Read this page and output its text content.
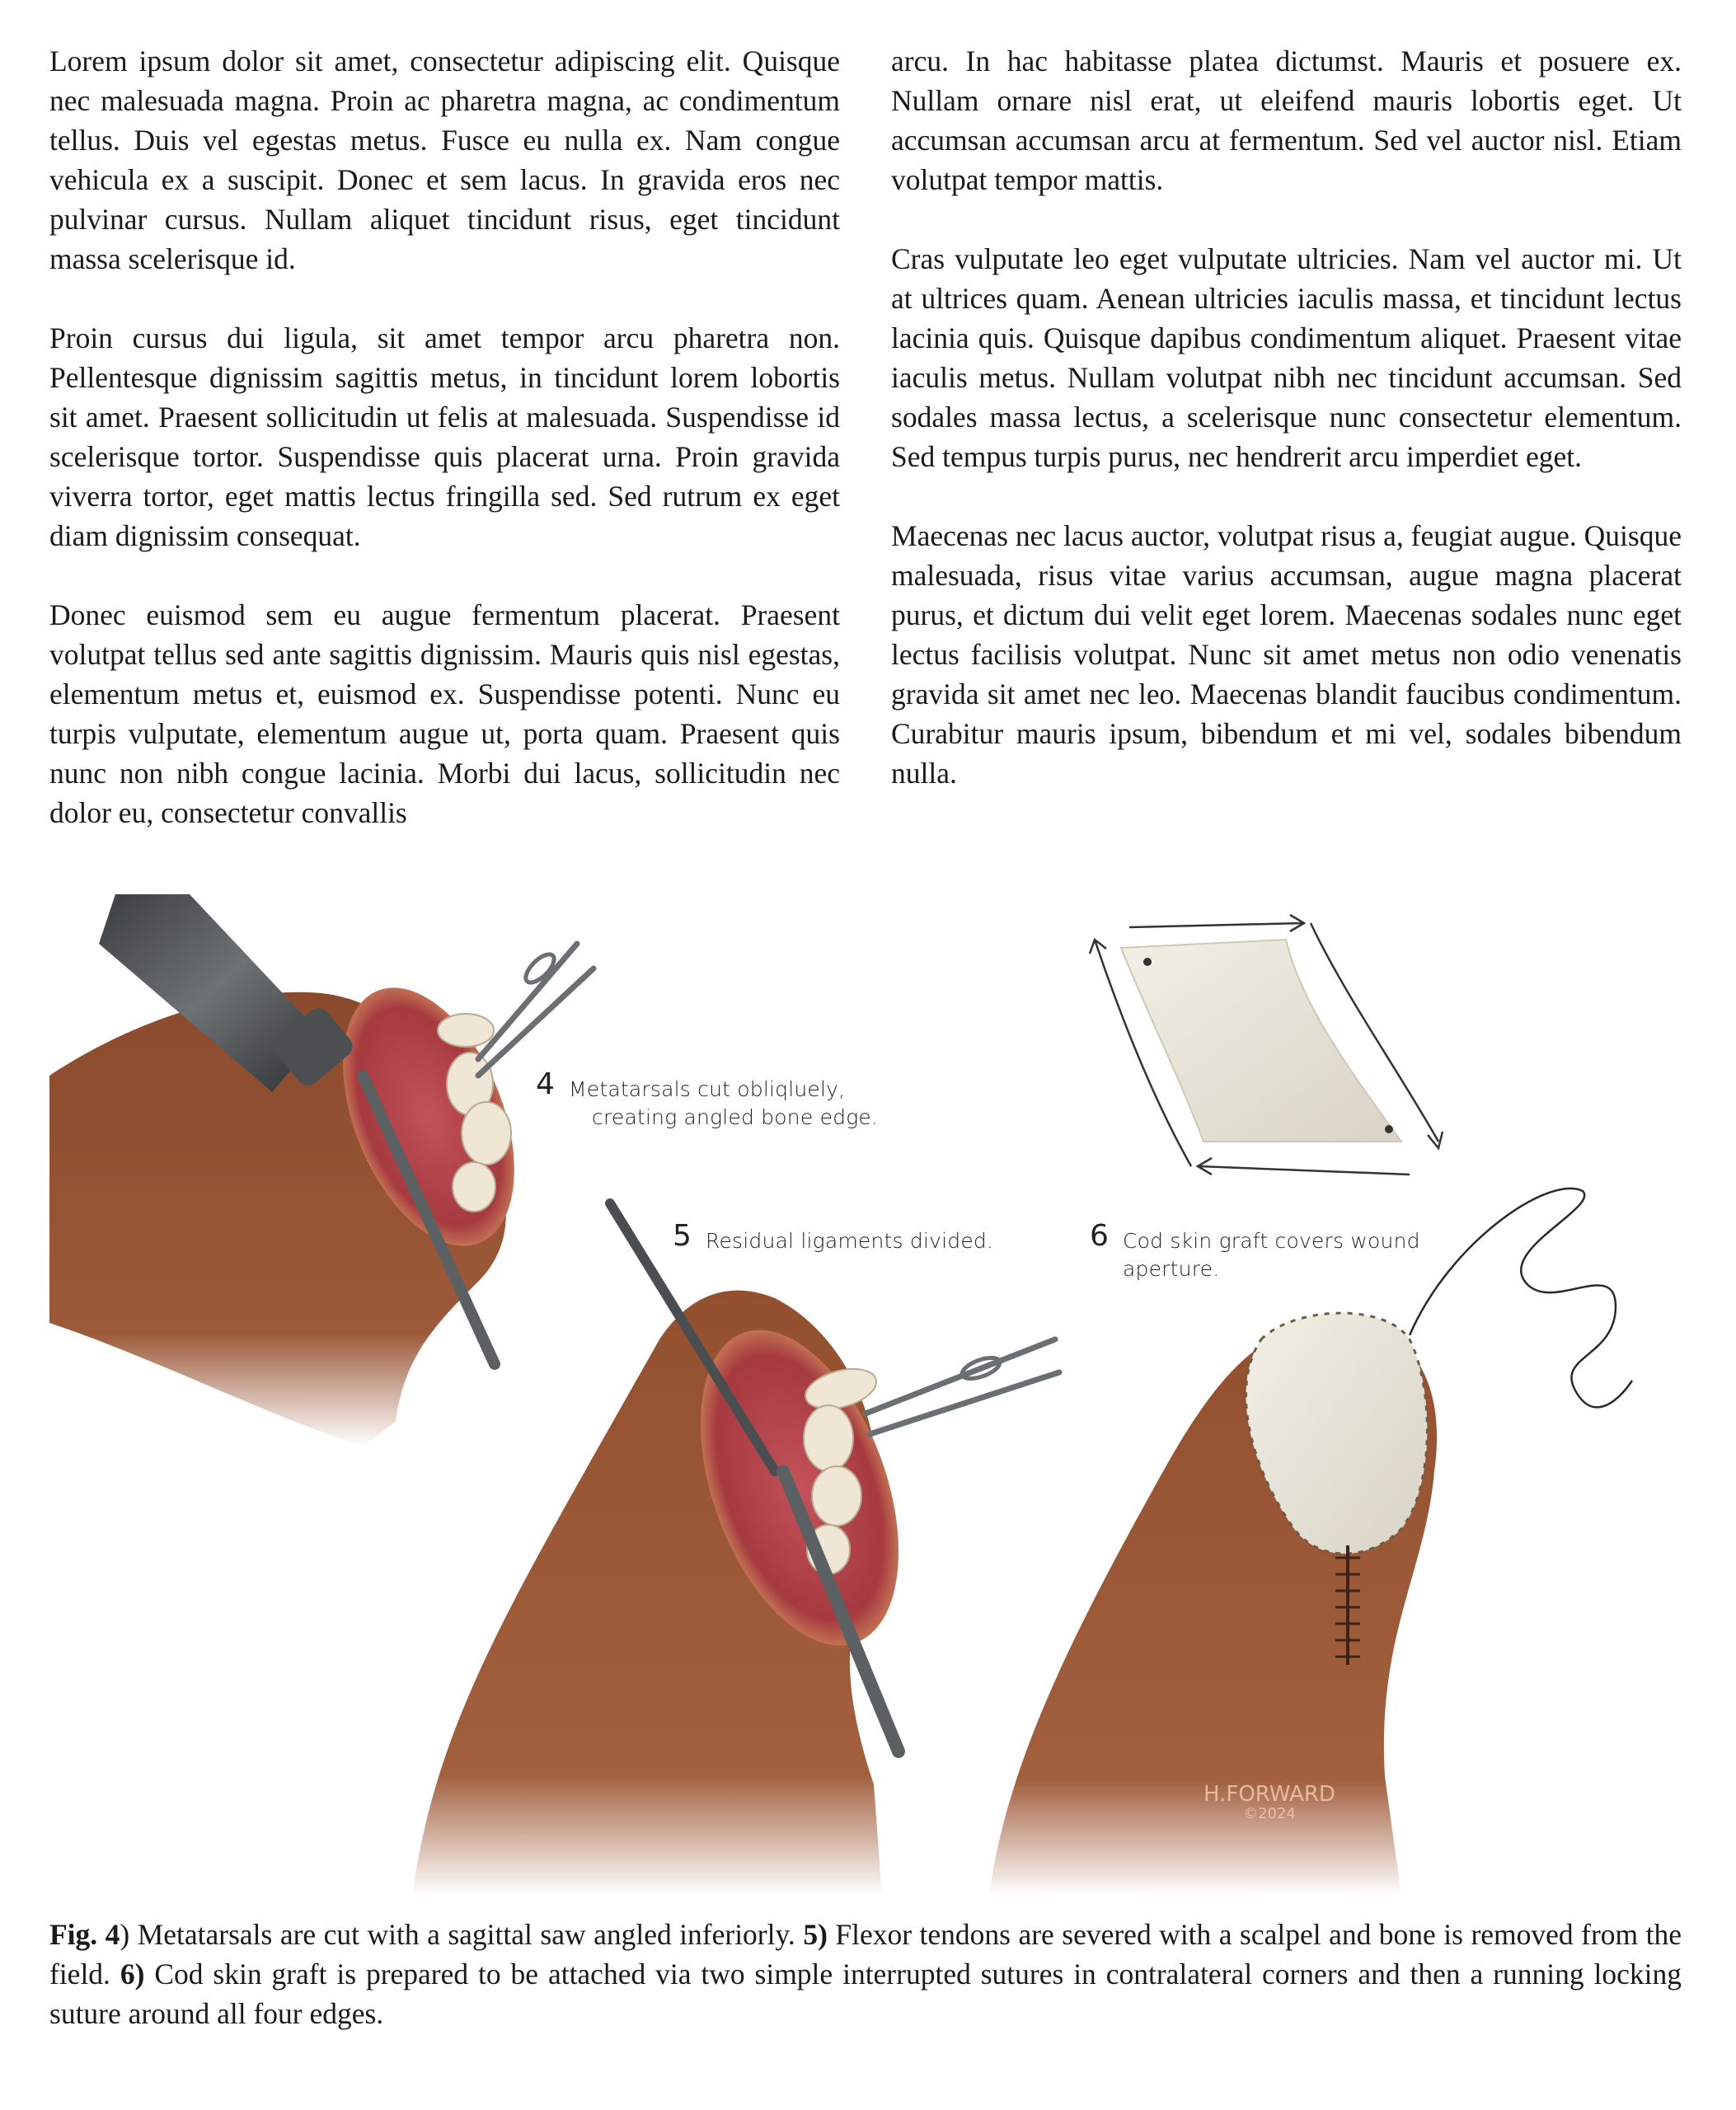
Lorem ipsum dolor sit amet, consectetur adipiscing elit. Quisque nec malesuada magna. Proin ac pharetra magna, ac condimentum tellus. Duis vel egestas metus. Fusce eu nulla ex. Nam congue vehicula ex a suscipit. Donec et sem lacus. In gravida eros nec pulvinar cursus. Nullam aliquet tincidunt risus, eget tincidunt massa scelerisque id.

Proin cursus dui ligula, sit amet tempor arcu pharetra non. Pellentesque dignissim sagittis metus, in tincidunt lorem lobortis sit amet. Praesent sollicitudin ut felis at malesuada. Suspendisse id scelerisque tortor. Suspendisse quis placerat urna. Proin gravida viverra tortor, eget mattis lectus fringilla sed. Sed rutrum ex eget diam dignissim consequat.

Donec euismod sem eu augue fermentum placerat. Praesent volutpat tellus sed ante sagittis dignissim. Mauris quis nisl egestas, elementum metus et, euismod ex. Suspendisse potenti. Nunc eu turpis vulputate, elementum augue ut, porta quam. Praesent quis nunc non nibh congue lacinia. Morbi dui lacus, sollicitudin nec dolor eu, consectetur convallis

arcu. In hac habitasse platea dictumst. Mauris et posuere ex. Nullam ornare nisl erat, ut eleifend mauris lobortis eget. Ut accumsan accumsan arcu at fermentum. Sed vel auctor nisl. Etiam volutpat tempor mattis.

Cras vulputate leo eget vulputate ultricies. Nam vel auctor mi. Ut at ultrices quam. Aenean ultricies iaculis massa, et tincidunt lectus lacinia quis. Quisque dapibus condimentum aliquet. Praesent vitae iaculis metus. Nullam volutpat nibh nec tincidunt accumsan. Sed sodales massa lectus, a scelerisque nunc consectetur elementum. Sed tempus turpis purus, nec hendrerit arcu imperdiet eget.

Maecenas nec lacus auctor, volutpat risus a, feugiat augue. Quisque malesuada, risus vitae varius accumsan, augue magna placerat purus, et dictum dui velit eget lorem. Maecenas sodales nunc eget lectus facilisis volutpat. Nunc sit amet metus non odio venenatis gravida sit amet nec leo. Maecenas blandit faucibus condimentum. Curabitur mauris ipsum, bibendum et mi vel, sodales bibendum nulla.

4 Metatarsals cut obliqluely,
creating angled bone edge.
5 Residual ligaments divided.	6 Cod skin graft covers wound
aperture.
H.FORWARD
©2024
Fig. 4) Metatarsals are cut with a sagittal saw angled inferiorly. 5) Flexor tendons are severed with a scalpel and bone is removed from the field. 6) Cod skin graft is prepared to be attached via two simple interrupted sutures in contralateral corners and then a running locking suture around all four edges.
